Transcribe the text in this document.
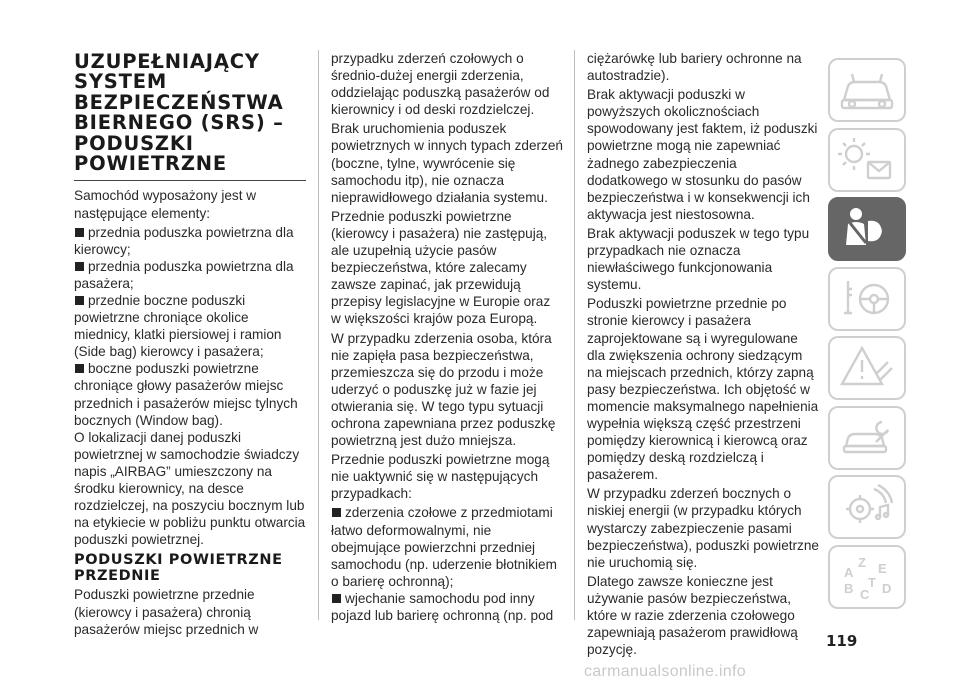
UZUPEŁNIAJĄCY SYSTEM BEZPIECZEŃSTWA BIERNEGO (SRS) – PODUSZKI POWIETRZNE

Samochód wyposażony jest w następujące elementy:

przednia poduszka powietrzna dla kierowcy;
przednia poduszka powietrzna dla pasażera;
przednie boczne poduszki powietrzne chroniące okolice miednicy, klatki piersiowej i ramion (Side bag) kierowcy i pasażera;
boczne poduszki powietrzne chroniące głowy pasażerów miejsc przednich i pasażerów miejsc tylnych bocznych (Window bag).

O lokalizacji danej poduszki powietrznej w samochodzie świadczy napis „AIRBAG” umieszczony na środku kierownicy, na desce rozdzielczej, na poszyciu bocznym lub na etykiecie w pobliżu punktu otwarcia poduszki powietrznej.

PODUSZKI POWIETRZNE PRZEDNIE

Poduszki powietrzne przednie (kierowcy i pasażera) chronią pasażerów miejsc przednich w

przypadku zderzeń czołowych o średnio-dużej energii zderzenia, oddzielając poduszką pasażerów od kierownicy i od deski rozdzielczej.

Brak uruchomienia poduszek powietrznych w innych typach zderzeń (boczne, tylne, wywrócenie się samochodu itp), nie oznacza nieprawidłowego działania systemu.

Przednie poduszki powietrzne (kierowcy i pasażera) nie zastępują, ale uzupełnią użycie pasów bezpieczeństwa, które zalecamy zawsze zapinać, jak przewidują przepisy legislacyjne w Europie oraz w większości krajów poza Europą.

W przypadku zderzenia osoba, która nie zapięła pasa bezpieczeństwa, przemieszcza się do przodu i może uderzyć o poduszkę już w fazie jej otwierania się. W tego typu sytuacji ochrona zapewniana przez poduszkę powietrzną jest dużo mniejsza.

Przednie poduszki powietrzne mogą nie uaktywnić się w następujących przypadkach:

zderzenia czołowe z przedmiotami łatwo deformowalnymi, nie obejmujące powierzchni przedniej samochodu (np. uderzenie błotnikiem o barierę ochronną);
wjechanie samochodu pod inny pojazd lub barierę ochronną (np. pod

ciężarówkę lub bariery ochronne na autostradzie).

Brak aktywacji poduszki w powyższych okolicznościach spowodowany jest faktem, iż poduszki powietrzne mogą nie zapewniać żadnego zabezpieczenia dodatkowego w stosunku do pasów bezpieczeństwa i w konsekwencji ich aktywacja jest niestosowna.

Brak aktywacji poduszek w tego typu przypadkach nie oznacza niewłaściwego funkcjonowania systemu.

Poduszki powietrzne przednie po stronie kierowcy i pasażera zaprojektowane są i wyregulowane dla zwiększenia ochrony siedzącym na miejscach przednich, którzy zapną pasy bezpieczeństwa. Ich objętość w momencie maksymalnego napełnienia wypełnia większą część przestrzeni pomiędzy kierownicą i kierowcą oraz pomiędzy deską rozdzielczą i pasażerem.

W przypadku zderzeń bocznych o niskiej energii (w przypadku których wystarczy zabezpieczenie pasami bezpieczeństwa), poduszki powietrzne nie uruchomią się.

Dlatego zawsze konieczne jest używanie pasów bezpieczeństwa, które w razie zderzenia czołowego zapewniają pasażerom prawidłową pozycję.

Z
A E
B C
T D
119
carmanualsonline.info
